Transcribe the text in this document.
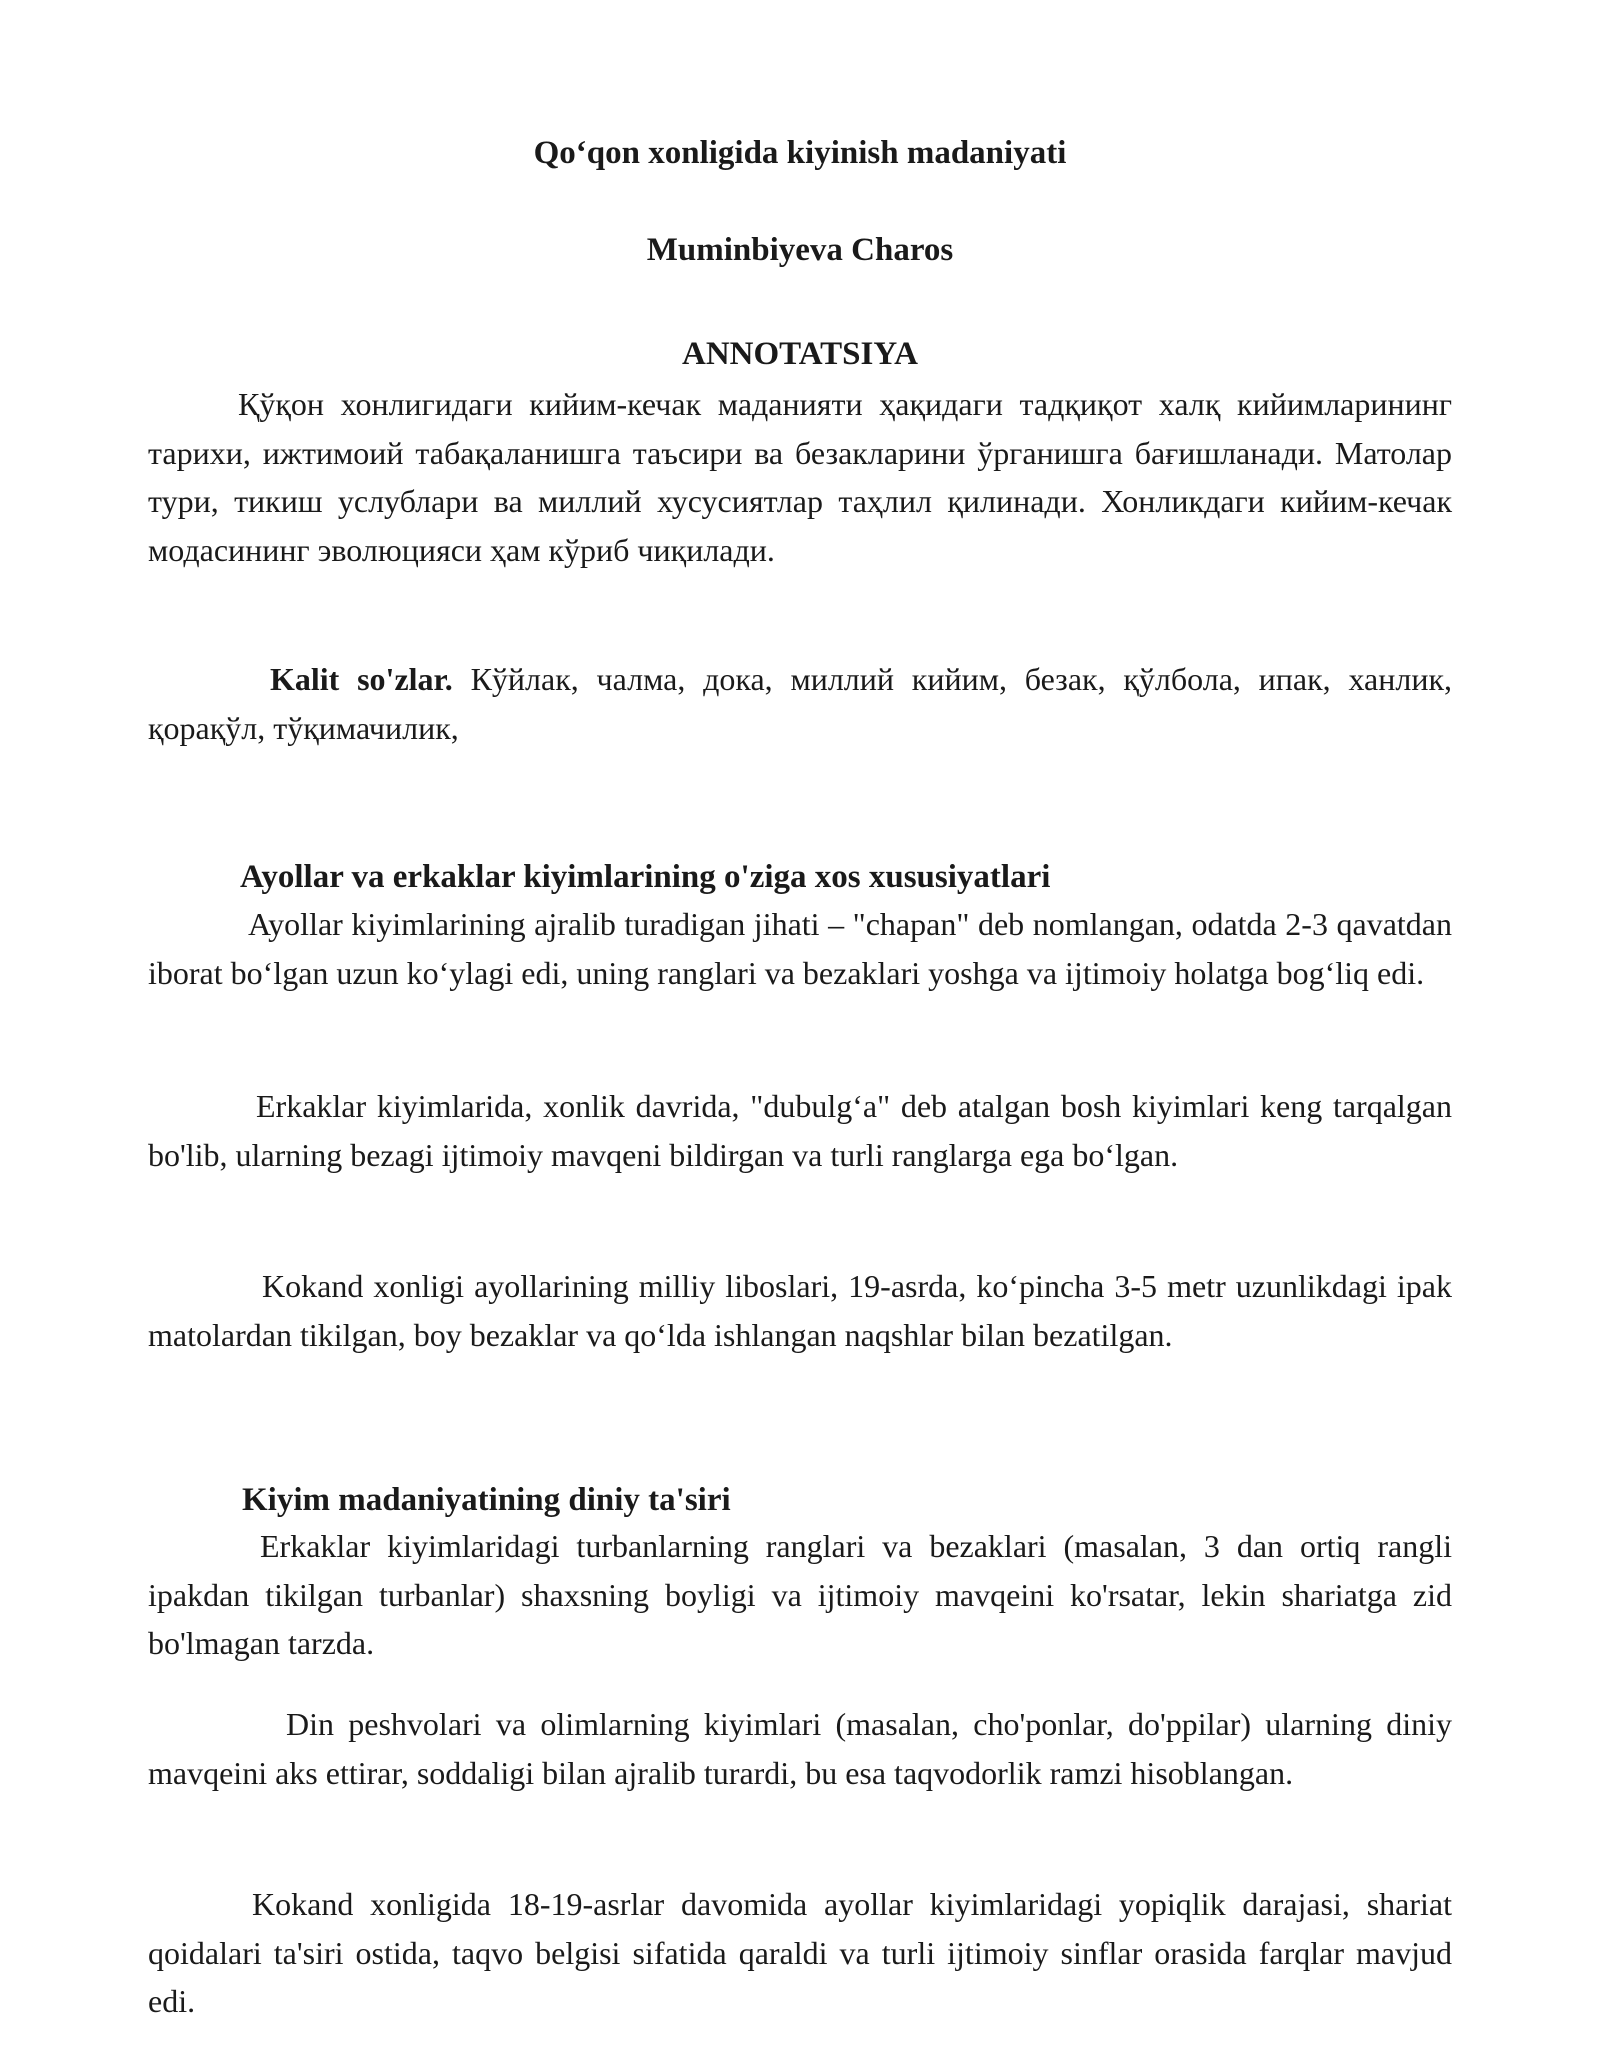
Qo‘qon xonligida kiyinish madaniyati

Muminbiyeva Charos

ANNOTATSIYA

Қўқон хонлигидаги кийим-кечак маданияти ҳақидаги тадқиқот халқ кийимларининг тарихи, ижтимоий табақаланишга таъсири ва безакларини ўрганишга бағишланади. Матолар тури, тикиш услублари ва миллий хусусиятлар таҳлил қилинади. Хонликдаги кийим-кечак модасининг эволюцияси ҳам кўриб чиқилади.

Kalit so'zlar. Кўйлак, чалма, дока, миллий кийим, безак, қўлбола, ипак, ханлик, қорақўл, тўқимачилик,

Ayollar va erkaklar kiyimlarining o'ziga xos xususiyatlari

Ayollar kiyimlarining ajralib turadigan jihati – "chapan" deb nomlangan, odatda 2-3 qavatdan iborat bo‘lgan uzun ko‘ylagi edi, uning ranglari va bezaklari yoshga va ijtimoiy holatga bog‘liq edi.

Erkaklar kiyimlarida, xonlik davrida, "dubulg‘a" deb atalgan bosh kiyimlari keng tarqalgan bo'lib, ularning bezagi ijtimoiy mavqeni bildirgan va turli ranglarga ega bo‘lgan.

Kokand xonligi ayollarining milliy liboslari, 19-asrda, ko‘pincha 3-5 metr uzunlikdagi ipak matolardan tikilgan, boy bezaklar va qo‘lda ishlangan naqshlar bilan bezatilgan.

Kiyim madaniyatining diniy ta'siri

Erkaklar kiyimlaridagi turbanlarning ranglari va bezaklari (masalan, 3 dan ortiq rangli ipakdan tikilgan turbanlar) shaxsning boyligi va ijtimoiy mavqeini ko'rsatar, lekin shariatga zid bo'lmagan tarzda.

Din peshvolari va olimlarning kiyimlari (masalan, cho'ponlar, do'ppilar) ularning diniy mavqeini aks ettirar, soddaligi bilan ajralib turardi, bu esa taqvodorlik ramzi hisoblangan.

Kokand xonligida 18-19-asrlar davomida ayollar kiyimlaridagi yopiqlik darajasi, shariat qoidalari ta'siri ostida, taqvo belgisi sifatida qaraldi va turli ijtimoiy sinflar orasida farqlar mavjud edi.
